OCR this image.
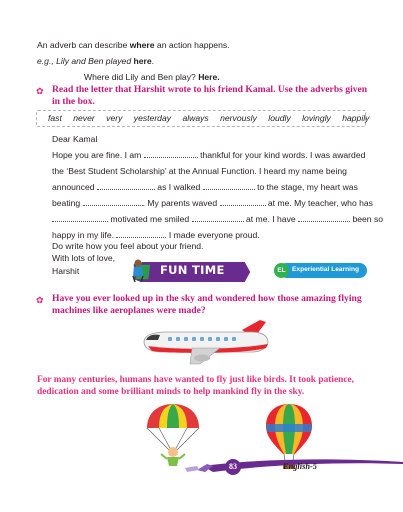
An adverb can describe where an action happens.
e.g., Lily and Ben played here.
Where did Lily and Ben play? Here.
✿ Read the letter that Harshit wrote to his friend Kamal. Use the adverbs given in the box.
fast never very yesterday always nervously loudly lovingly happily
Dear Kamal
Hope you are fine. I am	thankful for your kind words. I was awarded
the ‘Best Student Scholarship’ at the Annual Function. I heard my name being
announced	as I walked	to the stage, my heart was
beating	. My parents waved	at me. My teacher, who has
motivated me smiled	at me. I have	been so
happy in my life.	I made everyone proud.
Do write how you feel about your friend.
With lots of love,
Harshit	FUN TIME	EL Experiential Learning
✿ Have you ever looked up in the sky and wondered how those amazing flying machines like aeroplanes were made?
For many centuries, humans have wanted to fly just like birds. It took patience, dedication and some brilliant minds to help mankind fly in the sky.
83	English-5
